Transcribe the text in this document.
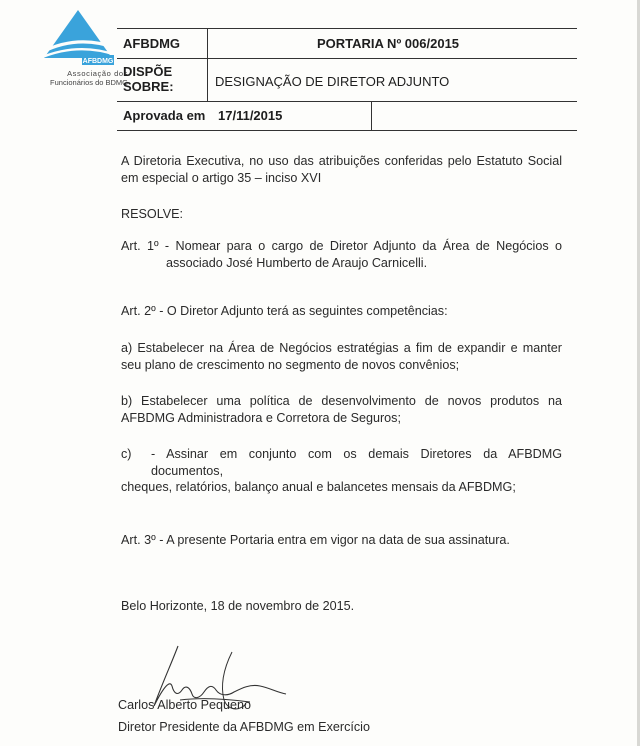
AFBDMG
Associação dos
Funcionários do BDMG
AFBDMG	PORTARIA Nº 006/2015
DISPÕE
SOBRE:	DESIGNAÇÃO DE DIRETOR ADJUNTO
Aprovada em 17/11/2015
A Diretoria Executiva, no uso das atribuições conferidas pelo Estatuto Social
em especial o artigo 35 – inciso XVI
RESOLVE:
Art. 1º - Nomear para o cargo de Diretor Adjunto da Área de Negócios o
associado José Humberto de Araujo Carnicelli.
Art. 2º - O Diretor Adjunto terá as seguintes competências:
a) Estabelecer na Área de Negócios estratégias a fim de expandir e manter
seu plano de crescimento no segmento de novos convênios;
b) Estabelecer uma política de desenvolvimento de novos produtos na
AFBDMG Administradora e Corretora de Seguros;
c)	- Assinar em conjunto com os demais Diretores da AFBDMG documentos,
cheques, relatórios, balanço anual e balancetes mensais da AFBDMG;
Art. 3º - A presente Portaria entra em vigor na data de sua assinatura.
Belo Horizonte, 18 de novembro de 2015.
Carlos Alberto Pequeno
Diretor Presidente da AFBDMG em Exercício
